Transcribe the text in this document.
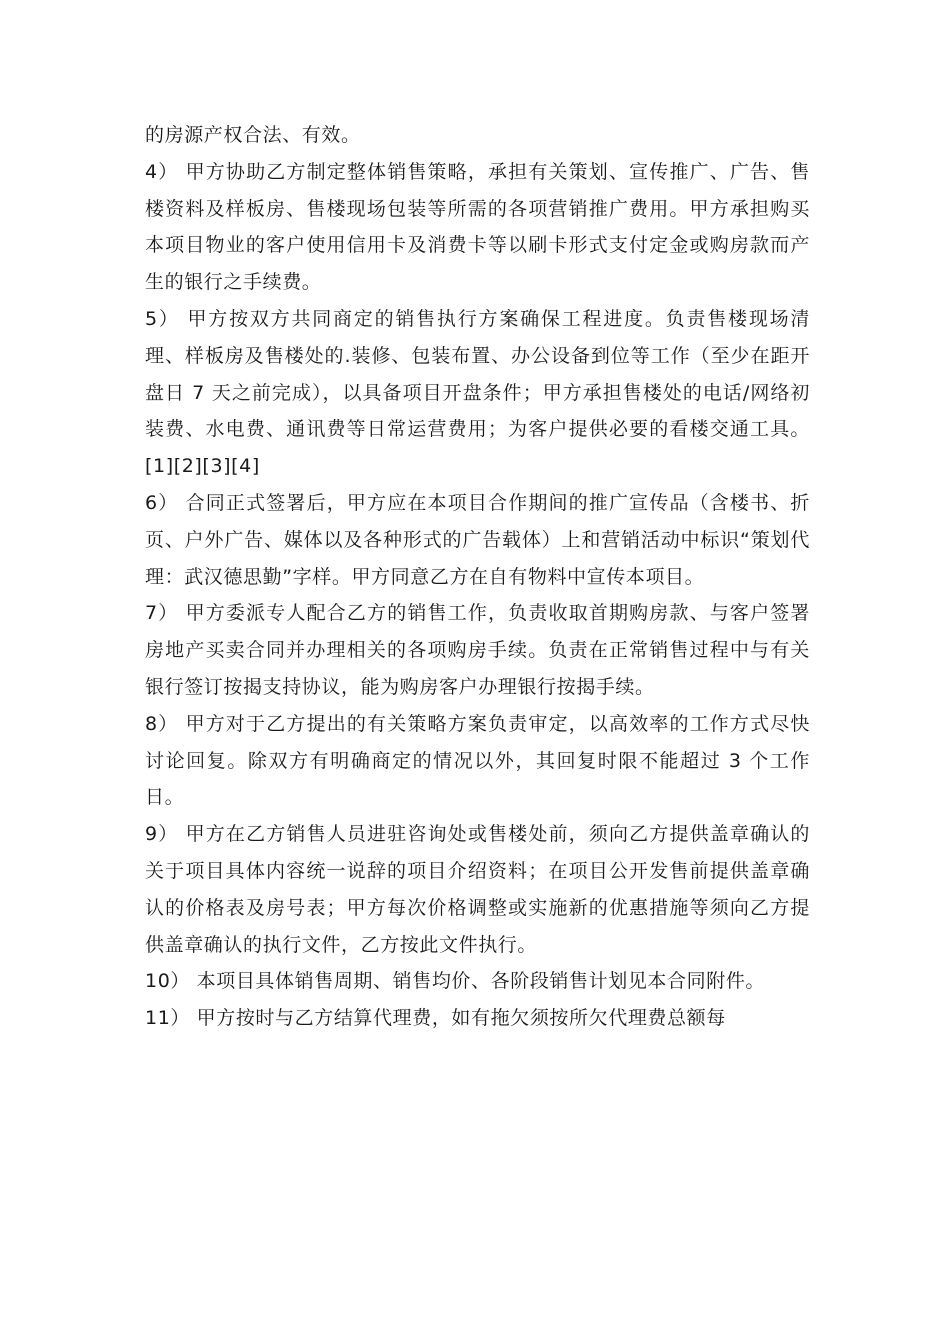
的房源产权合法、有效。

4） 甲方协助乙方制定整体销售策略，承担有关策划、宣传推广、广告、售楼资料及样板房、售楼现场包装等所需的各项营销推广费用。甲方承担购买本项目物业的客户使用信用卡及消费卡等以刷卡形式支付定金或购房款而产生的银行之手续费。

5） 甲方按双方共同商定的销售执行方案确保工程进度。负责售楼现场清理、样板房及售楼处的.装修、包装布置、办公设备到位等工作（至少在距开盘日 7 天之前完成），以具备项目开盘条件；甲方承担售楼处的电话/网络初装费、水电费、通讯费等日常运营费用；为客户提供必要的看楼交通工具。[1][2][3][4]

6） 合同正式签署后，甲方应在本项目合作期间的推广宣传品（含楼书、折页、户外广告、媒体以及各种形式的广告载体）上和营销活动中标识“策划代理：武汉德思勤”字样。甲方同意乙方在自有物料中宣传本项目。

7） 甲方委派专人配合乙方的销售工作，负责收取首期购房款、与客户签署房地产买卖合同并办理相关的各项购房手续。负责在正常销售过程中与有关银行签订按揭支持协议，能为购房客户办理银行按揭手续。

8） 甲方对于乙方提出的有关策略方案负责审定，以高效率的工作方式尽快讨论回复。除双方有明确商定的情况以外，其回复时限不能超过 3 个工作日。

9） 甲方在乙方销售人员进驻咨询处或售楼处前，须向乙方提供盖章确认的关于项目具体内容统一说辞的项目介绍资料；在项目公开发售前提供盖章确认的价格表及房号表；甲方每次价格调整或实施新的优惠措施等须向乙方提供盖章确认的执行文件，乙方按此文件执行。

10） 本项目具体销售周期、销售均价、各阶段销售计划见本合同附件。

11） 甲方按时与乙方结算代理费，如有拖欠须按所欠代理费总额每
